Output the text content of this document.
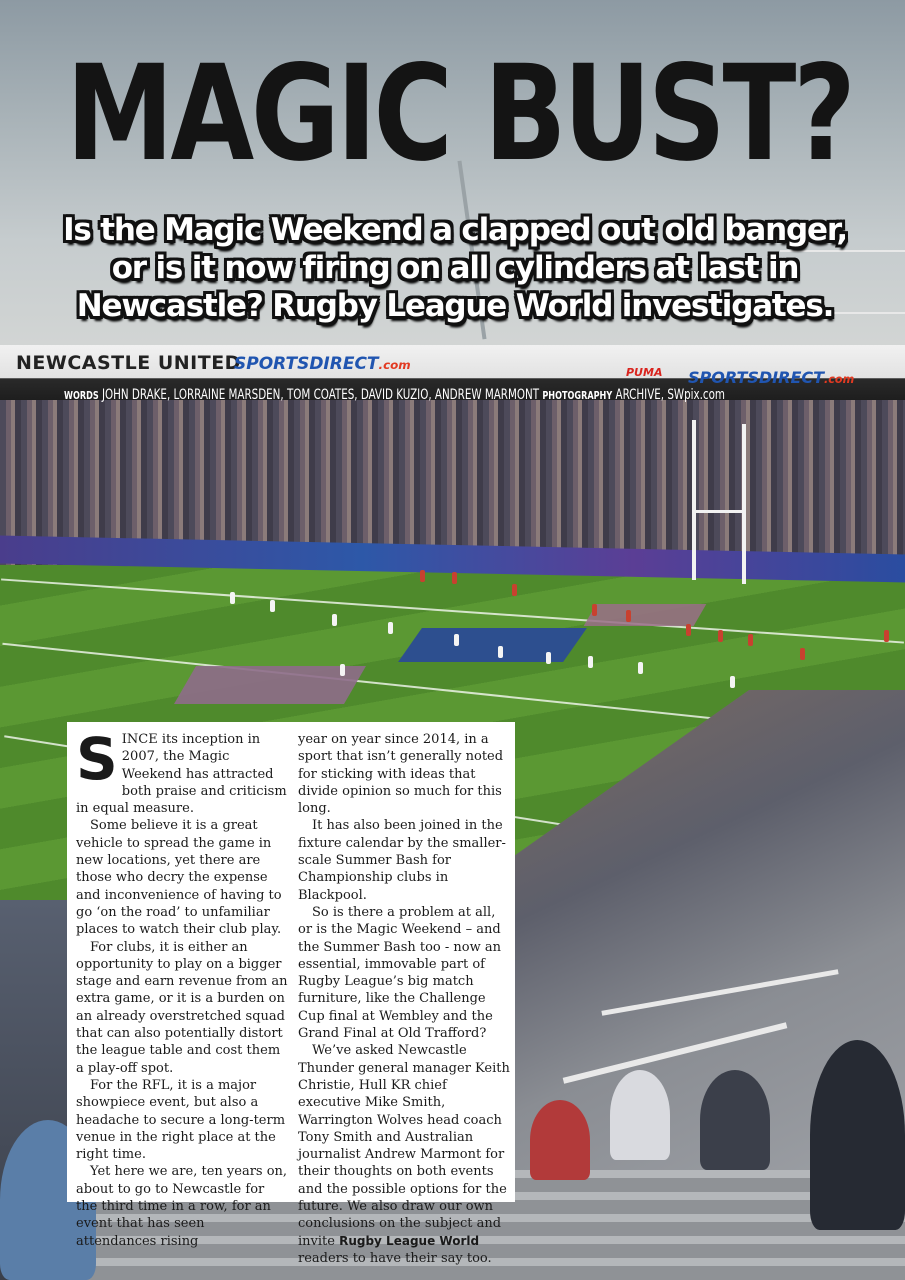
NEWCASTLE UNITED
SPORTSDIRECT.com
PUMA SPORTSDIRECT.com
MAGIC BUST?

Is the Magic Weekend a clapped out old banger, or is it now firing on all cylinders at last in Newcastle? Rugby League World investigates.

WORDS JOHN DRAKE, LORRAINE MARSDEN, TOM COATES, DAVID KUZIO, ANDREW MARMONT PHOTOGRAPHY ARCHIVE, SWpix.com

SINCE its inception in 2007, the Magic Weekend has attracted both praise and criticism in equal measure.

Some believe it is a great vehicle to spread the game in new locations, yet there are those who decry the expense and inconvenience of having to go ‘on the road’ to unfamiliar places to watch their club play.

For clubs, it is either an opportunity to play on a bigger stage and earn revenue from an extra game, or it is a burden on an already overstretched squad that can also potentially distort the league table and cost them a play-off spot.

For the RFL, it is a major showpiece event, but also a headache to secure a long-term venue in the right place at the right time.

Yet here we are, ten years on, about to go to Newcastle for the third time in a row, for an event that has seen attendances rising

year on year since 2014, in a sport that isn’t generally noted for sticking with ideas that divide opinion so much for this long.

It has also been joined in the fixture calendar by the smaller-scale Summer Bash for Championship clubs in Blackpool.

So is there a problem at all, or is the Magic Weekend – and the Summer Bash too - now an essential, immovable part of Rugby League’s big match furniture, like the Challenge Cup final at Wembley and the Grand Final at Old Trafford?

We’ve asked Newcastle Thunder general manager Keith Christie, Hull KR chief executive Mike Smith, Warrington Wolves head coach Tony Smith and Australian journalist Andrew Marmont for their thoughts on both events and the possible options for the future. We also draw our own conclusions on the subject and invite Rugby League World readers to have their say too.
